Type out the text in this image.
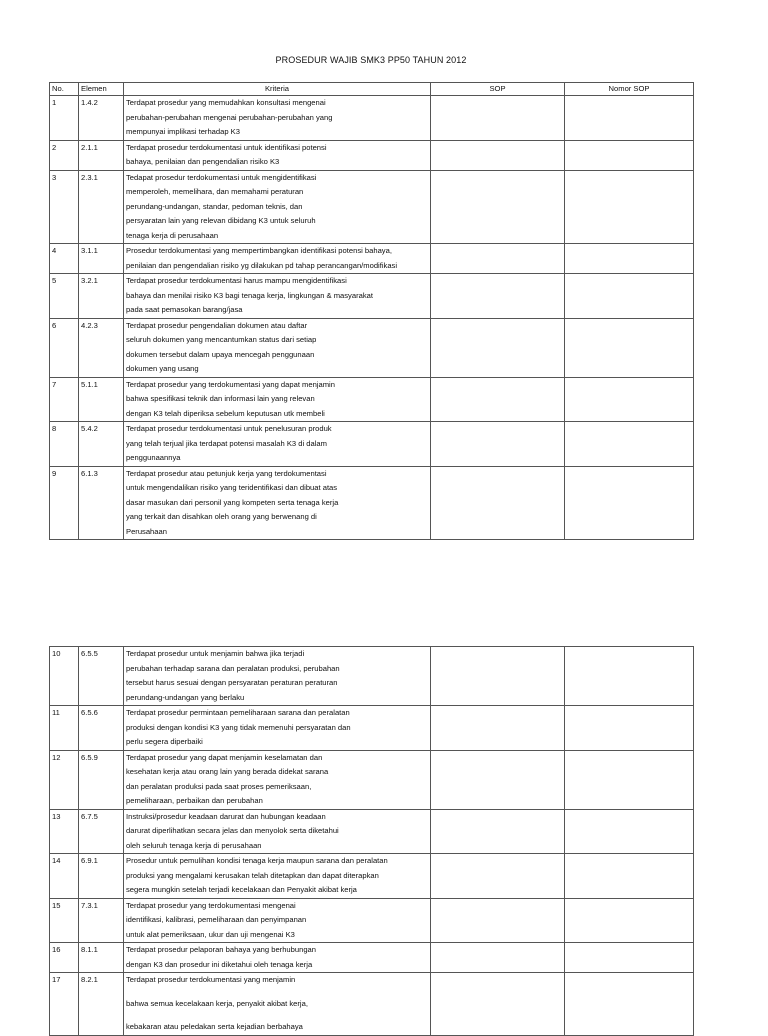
PROSEDUR WAJIB SMK3 PP50 TAHUN 2012
No.	Elemen	Kriteria	SOP	Nomor SOP
1	1.4.2	Terdapat prosedur yang memudahkan konsultasi mengenai
perubahan-perubahan mengenai perubahan-perubahan yang
mempunyai implikasi terhadap K3		

2	2.1.1	Terdapat prosedur terdokumentasi untuk identifikasi potensi
bahaya, penilaian dan pengendalian risiko K3		

3	2.3.1	Tedapat prosedur terdokumentasi untuk mengidentifikasi
memperoleh, memelihara, dan memahami peraturan
perundang-undangan, standar, pedoman teknis, dan
persyaratan lain yang relevan dibidang K3 untuk seluruh
tenaga kerja di perusahaan		

4	3.1.1	Prosedur terdokumentasi yang mempertimbangkan identifikasi potensi bahaya,
penilaian dan pengendalian risiko yg dilakukan pd tahap perancangan/modifikasi		

5	3.2.1	Terdapat prosedur terdokumentasi harus mampu mengidentifikasi
bahaya dan menilai risiko K3 bagi tenaga kerja, lingkungan & masyarakat
pada saat pemasokan barang/jasa		

6	4.2.3	Terdapat prosedur pengendalian dokumen atau daftar
seluruh dokumen yang mencantumkan status dari setiap
dokumen tersebut dalam upaya mencegah penggunaan
dokumen yang usang		

7	5.1.1	Terdapat prosedur yang terdokumentasi yang dapat menjamin
bahwa spesifikasi teknik dan informasi lain yang relevan
dengan K3 telah diperiksa sebelum keputusan utk membeli		

8	5.4.2	Terdapat prosedur terdokumentasi untuk penelusuran produk
yang telah terjual jika terdapat potensi masalah K3 di dalam
penggunaannya		

9	6.1.3	Terdapat prosedur atau petunjuk kerja yang terdokumentasi
untuk mengendalikan risiko yang teridentifikasi dan dibuat atas
dasar masukan dari personil yang kompeten serta tenaga kerja
yang terkait dan disahkan oleh orang yang berwenang di
Perusahaan		

10	6.5.5	Terdapat prosedur untuk menjamin bahwa jika terjadi
perubahan terhadap sarana dan peralatan produksi, perubahan
tersebut harus sesuai dengan persyaratan peraturan peraturan
perundang-undangan yang berlaku		

11	6.5.6	Terdapat prosedur permintaan pemeliharaan sarana dan peralatan
produksi dengan kondisi K3 yang tidak memenuhi persyaratan dan
perlu segera diperbaiki		

12	6.5.9	Terdapat prosedur yang dapat menjamin keselamatan dan
kesehatan kerja atau orang lain yang berada didekat sarana
dan peralatan produksi pada saat proses pemeriksaan,
pemeliharaan, perbaikan dan perubahan		

13	6.7.5	Instruksi/prosedur keadaan darurat dan hubungan keadaan
darurat diperlihatkan secara jelas dan menyolok serta diketahui
oleh seluruh tenaga kerja di perusahaan		

14	6.9.1	Prosedur untuk pemulihan kondisi tenaga kerja maupun sarana dan peralatan
produksi yang mengalami kerusakan telah ditetapkan dan dapat diterapkan
segera mungkin setelah terjadi kecelakaan dan Penyakit akibat kerja		

15	7.3.1	Terdapat prosedur yang terdokumentasi mengenai
identifikasi, kalibrasi, pemeliharaan dan penyimpanan
untuk alat pemeriksaan, ukur dan uji mengenai K3		

16	8.1.1	Terdapat prosedur pelaporan bahaya yang berhubungan
dengan K3 dan prosedur ini diketahui oleh tenaga kerja		

17	8.2.1	Terdapat prosedur terdokumentasi yang menjamin
bahwa semua kecelakaan kerja, penyakit akibat kerja,
kebakaran atau peledakan serta kejadian berbahaya		
